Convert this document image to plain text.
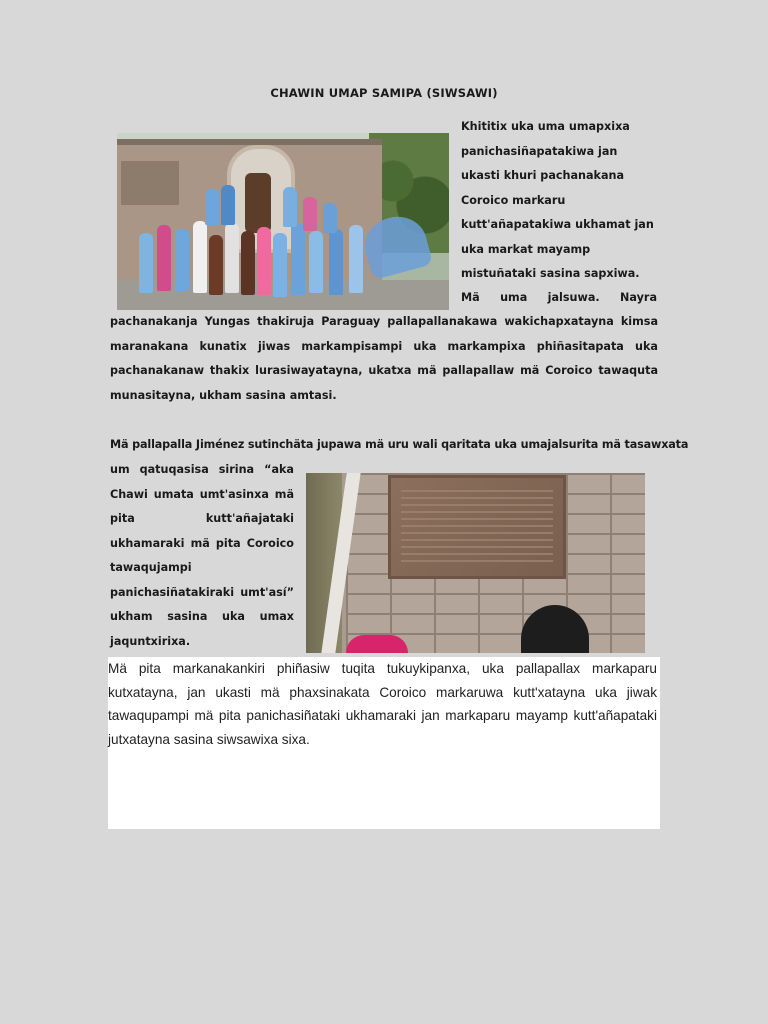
CHAWIN UMAP SAMIPA (SIWSAWI)

Khititix uka uma umapxixa panichasiñapatakiwa jan ukasti khuri pachanakana Coroico markaru kutt'añapatakiwa ukhamat jan uka markat mayamp mistuñataki sasina sapxiwa.

Mä uma jalsuwa. Nayra

pachanakanja Yungas thakiruja Paraguay pallapallanakawa wakichapxatayna kimsa maranakana kunatix jiwas markampisampi uka markampixa phiñasitapata uka pachanakanaw thakix lurasiwayatayna, ukatxa mä pallapallaw mä Coroico tawaquta munasitayna, ukham sasina amtasi.

Mä pallapalla Jiménez sutinchäta jupawa mä uru wali qaritata uka umajalsurita mä tasawxata

um qatuqasisa sirina “aka Chawi umata umt'asinxa mä pita kutt'añajataki ukhamaraki mä pita Coroico tawaqujampi panichasiñatakiraki umt'así” ukham sasina uka umax jaquntxirixa.

Mä pita markanakankiri phiñasiw tuqita tukuykipanxa, uka pallapallax markaparu kutxatayna, jan ukasti mä phaxsinakata Coroico markaruwa kutt'xatayna uka jiwak tawaqupampi mä pita panichasiñataki ukhamaraki jan markaparu mayamp kutt'añapataki jutxatayna sasina siwsawixa sixa.
